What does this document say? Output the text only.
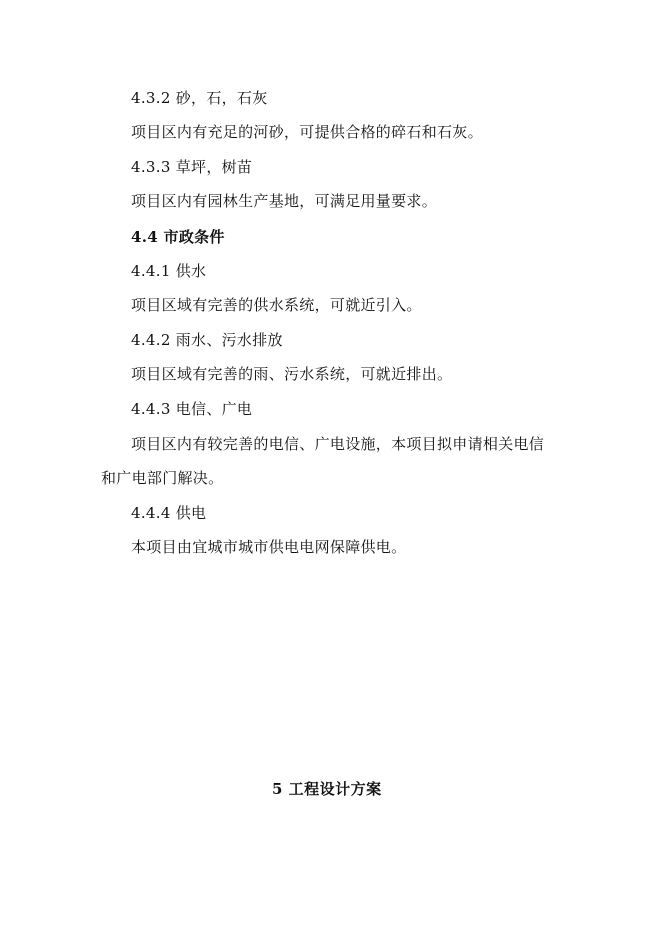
4.3.2 砂，石，石灰
项目区内有充足的河砂，可提供合格的碎石和石灰。
4.3.3 草坪，树苗
项目区内有园林生产基地，可满足用量要求。
4.4 市政条件
4.4.1 供水
项目区域有完善的供水系统，可就近引入。
4.4.2 雨水、污水排放
项目区域有完善的雨、污水系统，可就近排出。
4.4.3 电信、广电
项目区内有较完善的电信、广电设施，本项目拟申请相关电信
和广电部门解决。
4.4.4 供电
本项目由宜城市城市供电电网保障供电。
5 工程设计方案
